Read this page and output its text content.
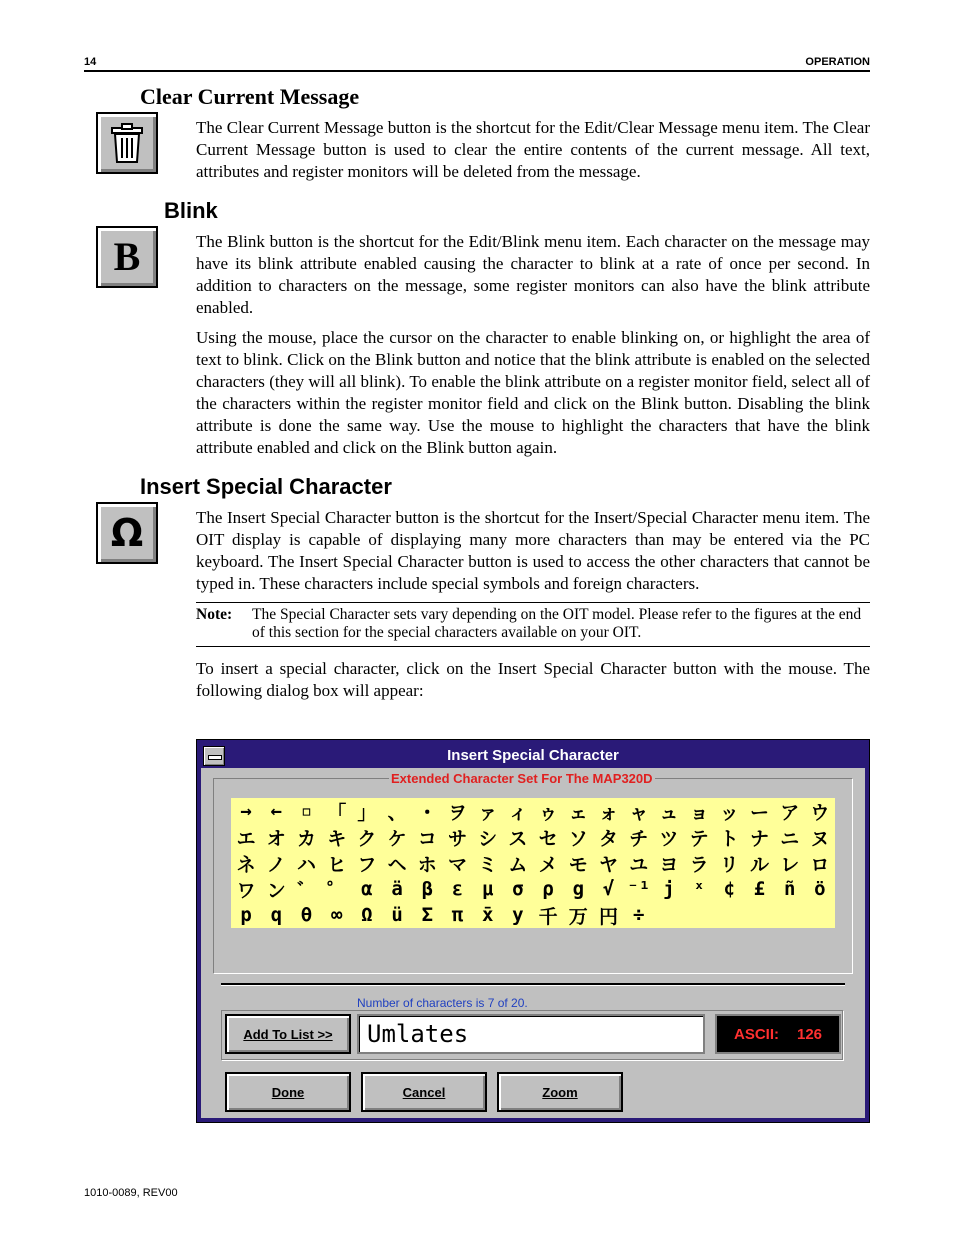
14	OPERATION
Clear Current Message

The Clear Current Message button is the shortcut for the Edit/Clear Message menu item. The Clear Current Message button is used to clear the entire contents of the current message. All text, attributes and register monitors will be deleted from the message.

Blink
B	The Blink button is the shortcut for the Edit/Blink menu item. Each character on the message may have its blink attribute enabled causing the character to blink at a rate of once per second. In addition to characters on the message, some register monitors can also have the blink attribute enabled.

Using the mouse, place the cursor on the character to enable blinking on, or highlight the area of text to blink. Click on the Blink button and notice that the blink attribute is enabled on the selected characters (they will all blink). To enable the blink attribute on a register monitor field, select all of the characters within the register monitor field and click on the Blink button. Disabling the blink attribute is done the same way. Use the mouse to highlight the characters that have the blink attribute enabled and click on the Blink button again.

Insert Special Character
Ω	The Insert Special Character button is the shortcut for the Insert/Special Character menu item. The OIT display is capable of displaying many more characters than may be entered via the PC keyboard. The Insert Special Character button is used to access the other characters that cannot be typed in. These characters include special symbols and foreign characters.

Note: The Special Character sets vary depending on the OIT model. Please refer to the figures at the end of this section for the special characters available on your OIT.

To insert a special character, click on the Insert Special Character button with the mouse. The following dialog box will appear:

Insert Special Character
Extended Character Set For The MAP320D
→ ← ▫ 「 」 、 ・ ヲ ァ ィ ゥ ェ ォ ャ ュ ョ ッ ー ア ウ
エ オ カ キ ク ケ コ サ シ ス セ ソ タ チ ツ テ ト ナ ニ ヌ
ネ ノ ハ ヒ フ ヘ ホ マ ミ ム メ モ ヤ ユ ヨ ラ リ ル レ ロ
ワ ン ゛ ゜ α ä β ε μ σ ρ g √ ⁻¹ j ˣ ¢ £ ñ ö
p q θ ∞ Ω ü Σ π x̄ y 千 万 円 ÷
Number of characters is 7 of 20.
Add To List >>	Umlates	ASCII: 126
Done	Cancel	Zoom
1010-0089, REV00
